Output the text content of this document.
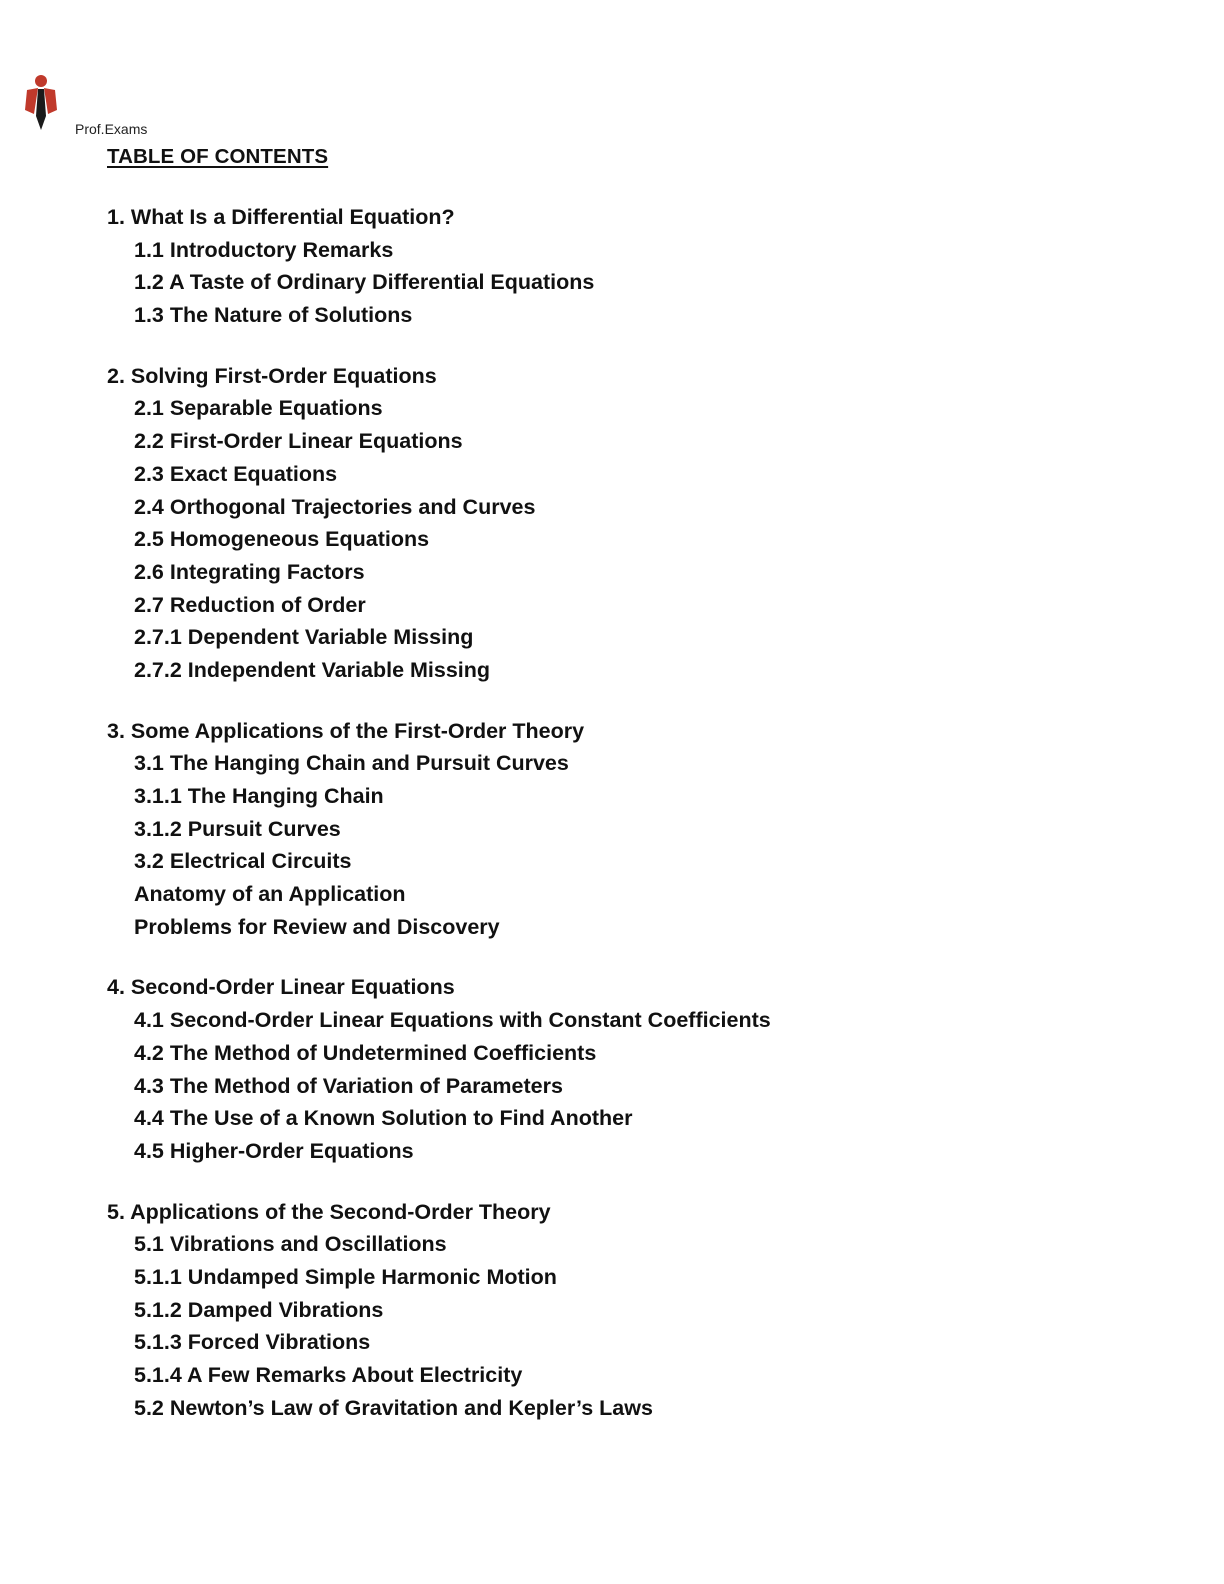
Prof.Exams
TABLE OF CONTENTS
1. What Is a Differential Equation?
1.1 Introductory Remarks
1.2 A Taste of Ordinary Differential Equations
1.3 The Nature of Solutions
2. Solving First-Order Equations
2.1 Separable Equations
2.2 First-Order Linear Equations
2.3 Exact Equations
2.4 Orthogonal Trajectories and Curves
2.5 Homogeneous Equations
2.6 Integrating Factors
2.7 Reduction of Order
2.7.1 Dependent Variable Missing
2.7.2 Independent Variable Missing
3. Some Applications of the First-Order Theory
3.1 The Hanging Chain and Pursuit Curves
3.1.1 The Hanging Chain
3.1.2 Pursuit Curves
3.2 Electrical Circuits
Anatomy of an Application
Problems for Review and Discovery
4. Second-Order Linear Equations
4.1 Second-Order Linear Equations with Constant Coefficients
4.2 The Method of Undetermined Coefficients
4.3 The Method of Variation of Parameters
4.4 The Use of a Known Solution to Find Another
4.5 Higher-Order Equations
5. Applications of the Second-Order Theory
5.1 Vibrations and Oscillations
5.1.1 Undamped Simple Harmonic Motion
5.1.2 Damped Vibrations
5.1.3 Forced Vibrations
5.1.4 A Few Remarks About Electricity
5.2 Newton’s Law of Gravitation and Kepler’s Laws
